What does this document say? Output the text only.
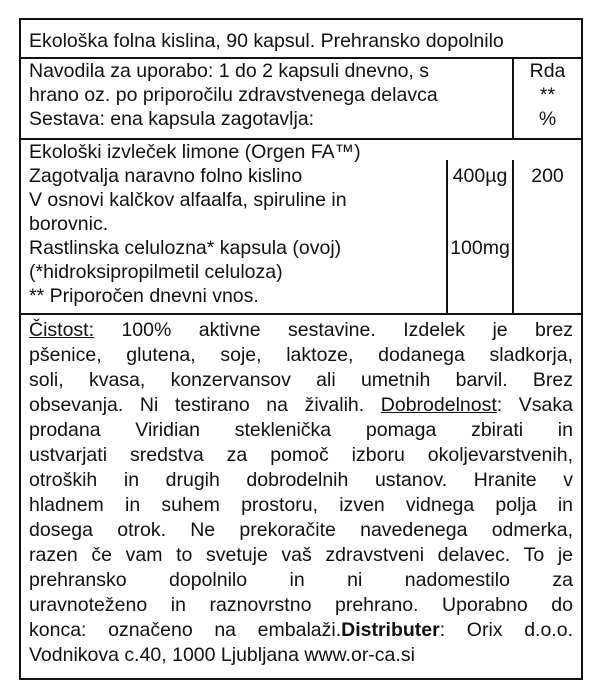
Ekološka folna kislina, 90 kapsul. Prehransko dopolnilo
Navodila za uporabo: 1 do 2 kapsuli dnevno, s
hrano oz. po priporočilu zdravstvenega delavca
Sestava: ena kapsula zagotavlja:
Rda
**
%
Ekološki izvleček limone (Orgen FA™)
Zagotvalja naravno folno kislino
V osnovi kalčkov alfaalfa, spiruline in
borovnic.
Rastlinska celulozna* kapsula (ovoj)
(*hidroksipropilmetil celuloza)
** Priporočen dnevni vnos.
400µg	200
100mg
Čistost: 100% aktivne sestavine. Izdelek je brez
pšenice, glutena, soje, laktoze, dodanega sladkorja,
soli, kvasa, konzervansov ali umetnih barvil. Brez
obsevanja. Ni testirano na živalih. Dobrodelnost: Vsaka
prodana Viridian steklenička pomaga zbirati in
ustvarjati sredstva za pomoč izboru okoljevarstvenih,
otroških in drugih dobrodelnih ustanov. Hranite v
hladnem in suhem prostoru, izven vidnega polja in
dosega otrok. Ne prekoračite navedenega odmerka,
razen če vam to svetuje vaš zdravstveni delavec. To je
prehransko dopolnilo in ni nadomestilo za
uravnoteženo in raznovrstno prehrano. Uporabno do
konca: označeno na embalaži.Distributer: Orix d.o.o.
Vodnikova c.40, 1000 Ljubljana www.or-ca.si
